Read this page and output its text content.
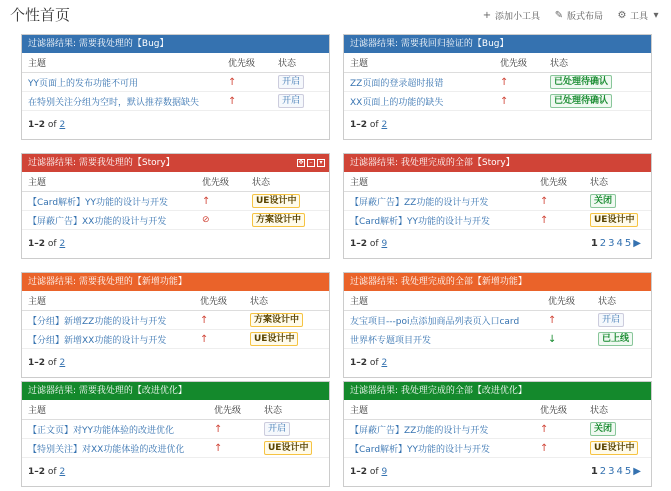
个性首页	+ 添加小工具 ✎ 版式布局 ⚙ 工具 ▾
过滤器结果: 需要我处理的【Bug】
主题	优先级	状态
YY页面上的发布功能不可用	↑	开启
在特别关注分组为空时，默认推荐数据缺失	↑	开启
1–2 of 2
过滤器结果: 需要我回归验证的【Bug】
主题	优先级	状态
ZZ页面的登录超时报错	↑	已处理待确认
XX页面上的功能的缺失	↑	已处理待确认
1–2 of 2
过滤器结果: 需要我处理的【Story】	✥ –	▾
主题	优先级	状态
【Card解析】YY功能的设计与开发	↑	UE设计中
【屏蔽广告】XX功能的设计与开发	⊘	方案设计中
1–2 of 2
过滤器结果: 我处理完成的全部【Story】
主题	优先级	状态
【屏蔽广告】ZZ功能的设计与开发	↑	关闭
【Card解析】YY功能的设计与开发	↑	UE设计中
1–2 of 9	1 2 3 4 5 ▶
过滤器结果: 需要我处理的【新增功能】
主题	优先级	状态
【分组】新增ZZ功能的设计与开发	↑	方案设计中
【分组】新增XX功能的设计与开发	↑	UE设计中
1–2 of 2
过滤器结果: 我处理完成的全部【新增功能】
主题	优先级	状态
友宝项目---poi点添加商品列表页入口card	↑	开启
世界杯专题项目开发	↓	已上线
1–2 of 2
过滤器结果: 需要我处理的【改进优化】
主题	优先级	状态
【正文页】对YY功能体验的改进优化	↑	开启
【特别关注】对XX功能体验的改进优化	↑	UE设计中
1–2 of 2
过滤器结果: 我处理完成的全部【改进优化】
主题	优先级	状态
【屏蔽广告】ZZ功能的设计与开发	↑	关闭
【Card解析】YY功能的设计与开发	↑	UE设计中
1–2 of 9	1 2 3 4 5 ▶
